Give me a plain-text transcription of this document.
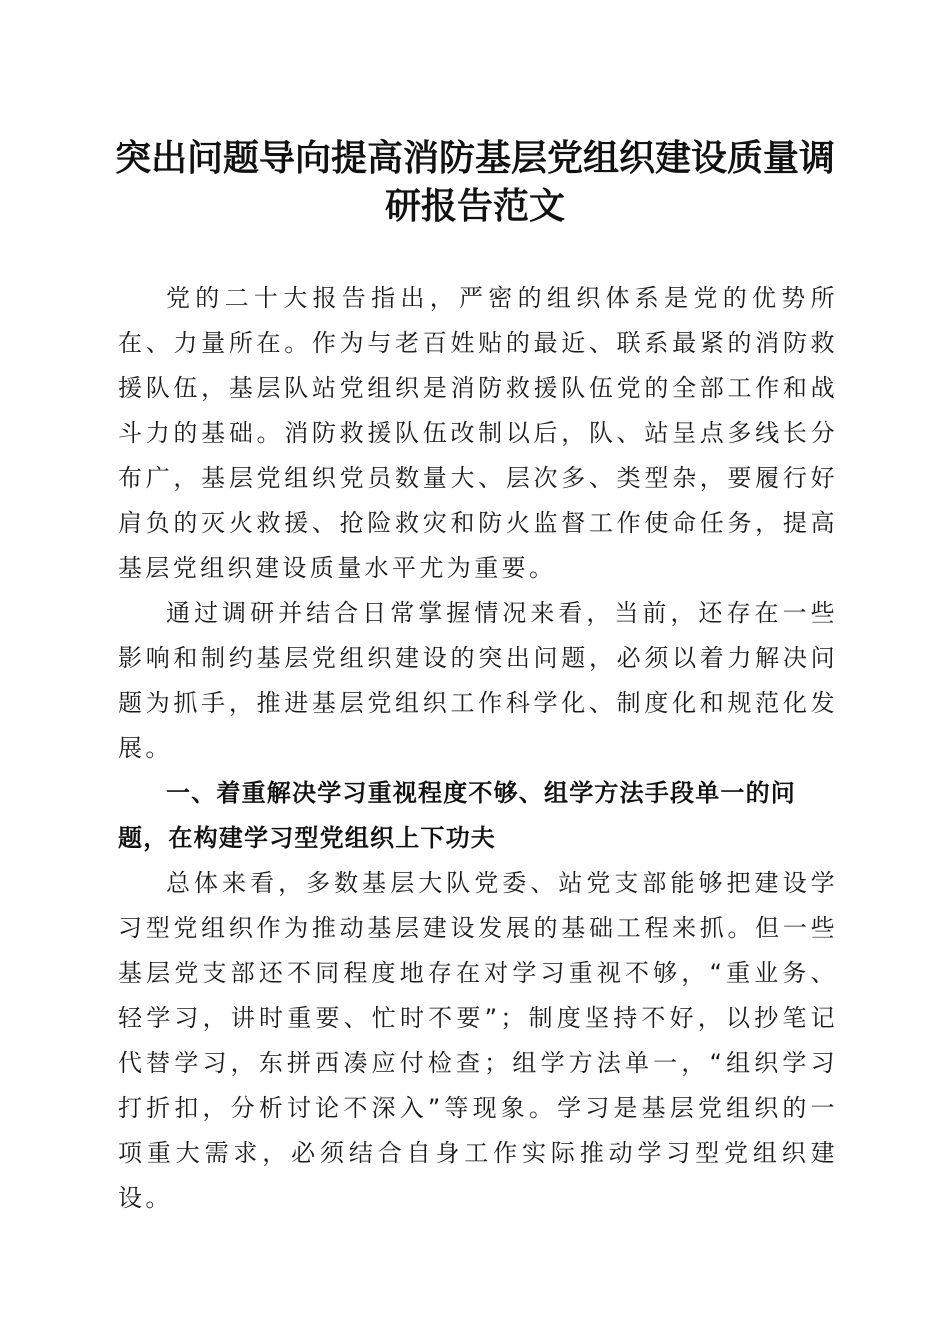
突出问题导向提高消防基层党组织建设质量调研报告范文

党的二十大报告指出，严密的组织体系是党的优势所在、力量所在。作为与老百姓贴的最近、联系最紧的消防救援队伍，基层队站党组织是消防救援队伍党的全部工作和战斗力的基础。消防救援队伍改制以后，队、站呈点多线长分布广，基层党组织党员数量大、层次多、类型杂，要履行好肩负的灭火救援、抢险救灾和防火监督工作使命任务，提高基层党组织建设质量水平尤为重要。

通过调研并结合日常掌握情况来看，当前，还存在一些影响和制约基层党组织建设的突出问题，必须以着力解决问题为抓手，推进基层党组织工作科学化、制度化和规范化发展。

一、着重解决学习重视程度不够、组学方法手段单一的问题，在构建学习型党组织上下功夫

总体来看，多数基层大队党委、站党支部能够把建设学习型党组织作为推动基层建设发展的基础工程来抓。但一些基层党支部还不同程度地存在对学习重视不够，“重业务、轻学习，讲时重要、忙时不要”；制度坚持不好，以抄笔记代替学习，东拼西凑应付检查；组学方法单一，“组织学习打折扣，分析讨论不深入”等现象。学习是基层党组织的一项重大需求，必须结合自身工作实际推动学习型党组织建设。
